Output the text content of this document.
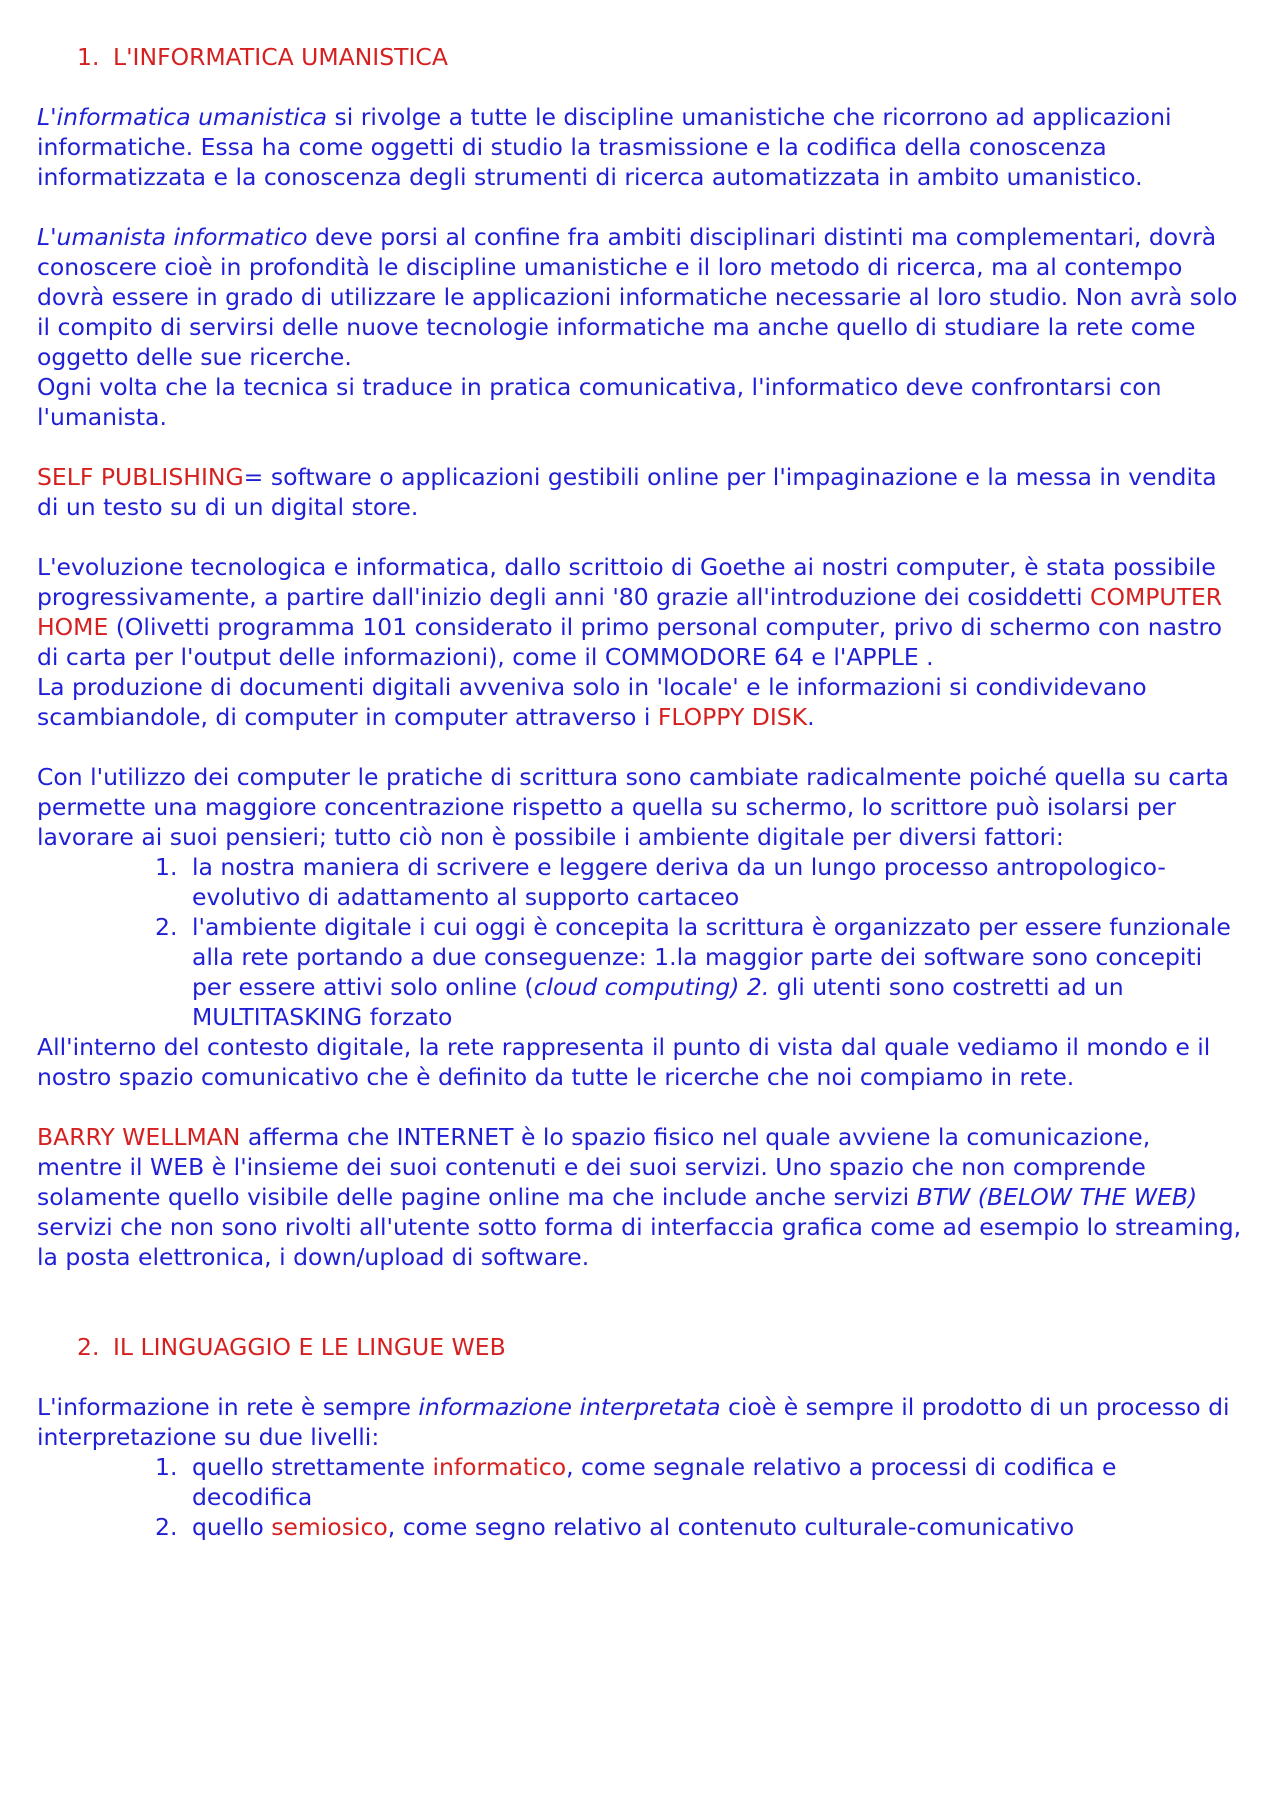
1. L'INFORMATICA UMANISTICA

L'informatica umanistica si rivolge a tutte le discipline umanistiche che ricorrono ad applicazioni informatiche. Essa ha come oggetti di studio la trasmissione e la codifica della conoscenza informatizzata e la conoscenza degli strumenti di ricerca automatizzata in ambito umanistico.

L'umanista informatico deve porsi al confine fra ambiti disciplinari distinti ma complementari, dovrà conoscere cioè in profondità le discipline umanistiche e il loro metodo di ricerca, ma al contempo dovrà essere in grado di utilizzare le applicazioni informatiche necessarie al loro studio. Non avrà solo il compito di servirsi delle nuove tecnologie informatiche ma anche quello di studiare la rete come oggetto delle sue ricerche.

Ogni volta che la tecnica si traduce in pratica comunicativa, l'informatico deve confrontarsi con l'umanista.

SELF PUBLISHING= software o applicazioni gestibili online per l'impaginazione e la messa in vendita di un testo su di un digital store.

L'evoluzione tecnologica e informatica, dallo scrittoio di Goethe ai nostri computer, è stata possibile progressivamente, a partire dall'inizio degli anni '80 grazie all'introduzione dei cosiddetti COMPUTER HOME (Olivetti programma 101 considerato il primo personal computer, privo di schermo con nastro di carta per l'output delle informazioni), come il COMMODORE 64 e l'APPLE .

La produzione di documenti digitali avveniva solo in 'locale' e le informazioni si condividevano scambiandole, di computer in computer attraverso i FLOPPY DISK.

Con l'utilizzo dei computer le pratiche di scrittura sono cambiate radicalmente poiché quella su carta permette una maggiore concentrazione rispetto a quella su schermo, lo scrittore può isolarsi per lavorare ai suoi pensieri; tutto ciò non è possibile i ambiente digitale per diversi fattori:

1. la nostra maniera di scrivere e leggere deriva da un lungo processo antropologico-evolutivo di adattamento al supporto cartaceo
2. l'ambiente digitale i cui oggi è concepita la scrittura è organizzato per essere funzionale alla rete portando a due conseguenze: 1.la maggior parte dei software sono concepiti per essere attivi solo online (cloud computing) 2. gli utenti sono costretti ad un MULTITASKING forzato

All'interno del contesto digitale, la rete rappresenta il punto di vista dal quale vediamo il mondo e il nostro spazio comunicativo che è definito da tutte le ricerche che noi compiamo in rete.

BARRY WELLMAN afferma che INTERNET è lo spazio fisico nel quale avviene la comunicazione, mentre il WEB è l'insieme dei suoi contenuti e dei suoi servizi. Uno spazio che non comprende solamente quello visibile delle pagine online ma che include anche servizi BTW (BELOW THE WEB) servizi che non sono rivolti all'utente sotto forma di interfaccia grafica come ad esempio lo streaming, la posta elettronica, i down/upload di software.

2. IL LINGUAGGIO E LE LINGUE WEB

L'informazione in rete è sempre informazione interpretata cioè è sempre il prodotto di un processo di interpretazione su due livelli:

1. quello strettamente informatico, come segnale relativo a processi di codifica e decodifica
2. quello semiosico, come segno relativo al contenuto culturale-comunicativo
